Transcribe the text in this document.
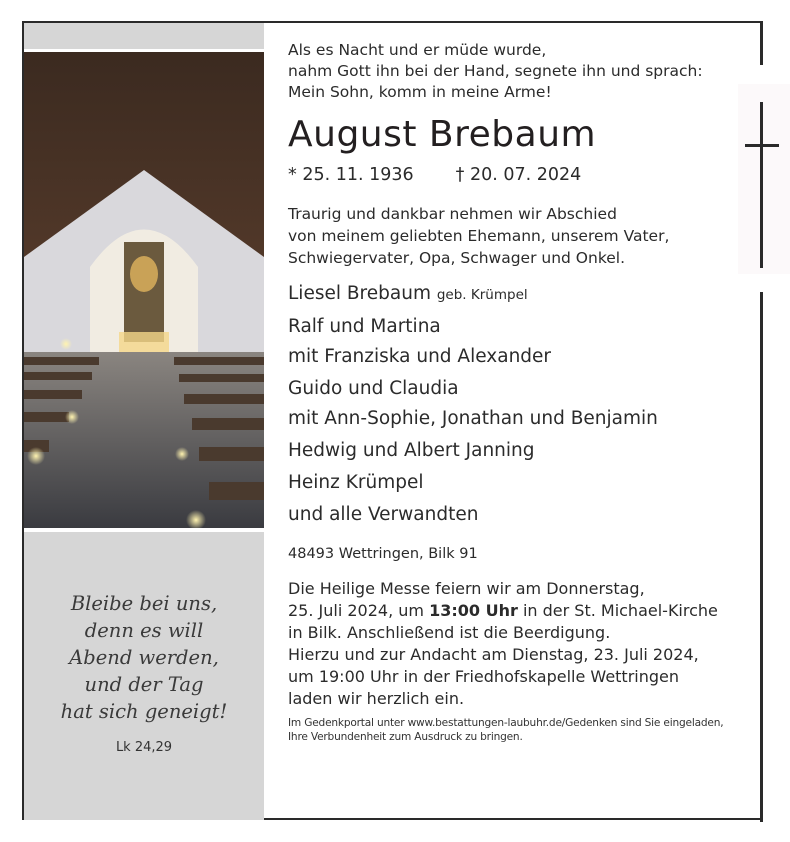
Bleibe bei uns,
denn es will
Abend werden,
und der Tag
hat sich geneigt!
Lk 24,29
Als es Nacht und er müde wurde,
nahm Gott ihn bei der Hand, segnete ihn und sprach:
Mein Sohn, komm in meine Arme!
August Brebaum
* 25. 11. 1936 † 20. 07. 2024
Traurig und dankbar nehmen wir Abschied
von meinem geliebten Ehemann, unserem Vater,
Schwiegervater, Opa, Schwager und Onkel.
Liesel Brebaum geb. Krümpel
Ralf und Martina
mit Franziska und Alexander
Guido und Claudia
mit Ann-Sophie, Jonathan und Benjamin
Hedwig und Albert Janning
Heinz Krümpel
und alle Verwandten
48493 Wettringen, Bilk 91
Die Heilige Messe feiern wir am Donnerstag,
25. Juli 2024, um 13:00 Uhr in der St. Michael-Kirche
in Bilk. Anschließend ist die Beerdigung.
Hierzu und zur Andacht am Dienstag, 23. Juli 2024,
um 19:00 Uhr in der Friedhofskapelle Wettringen
laden wir herzlich ein.
Im Gedenkportal unter www.bestattungen-laubuhr.de/Gedenken sind Sie eingeladen,
Ihre Verbundenheit zum Ausdruck zu bringen.
